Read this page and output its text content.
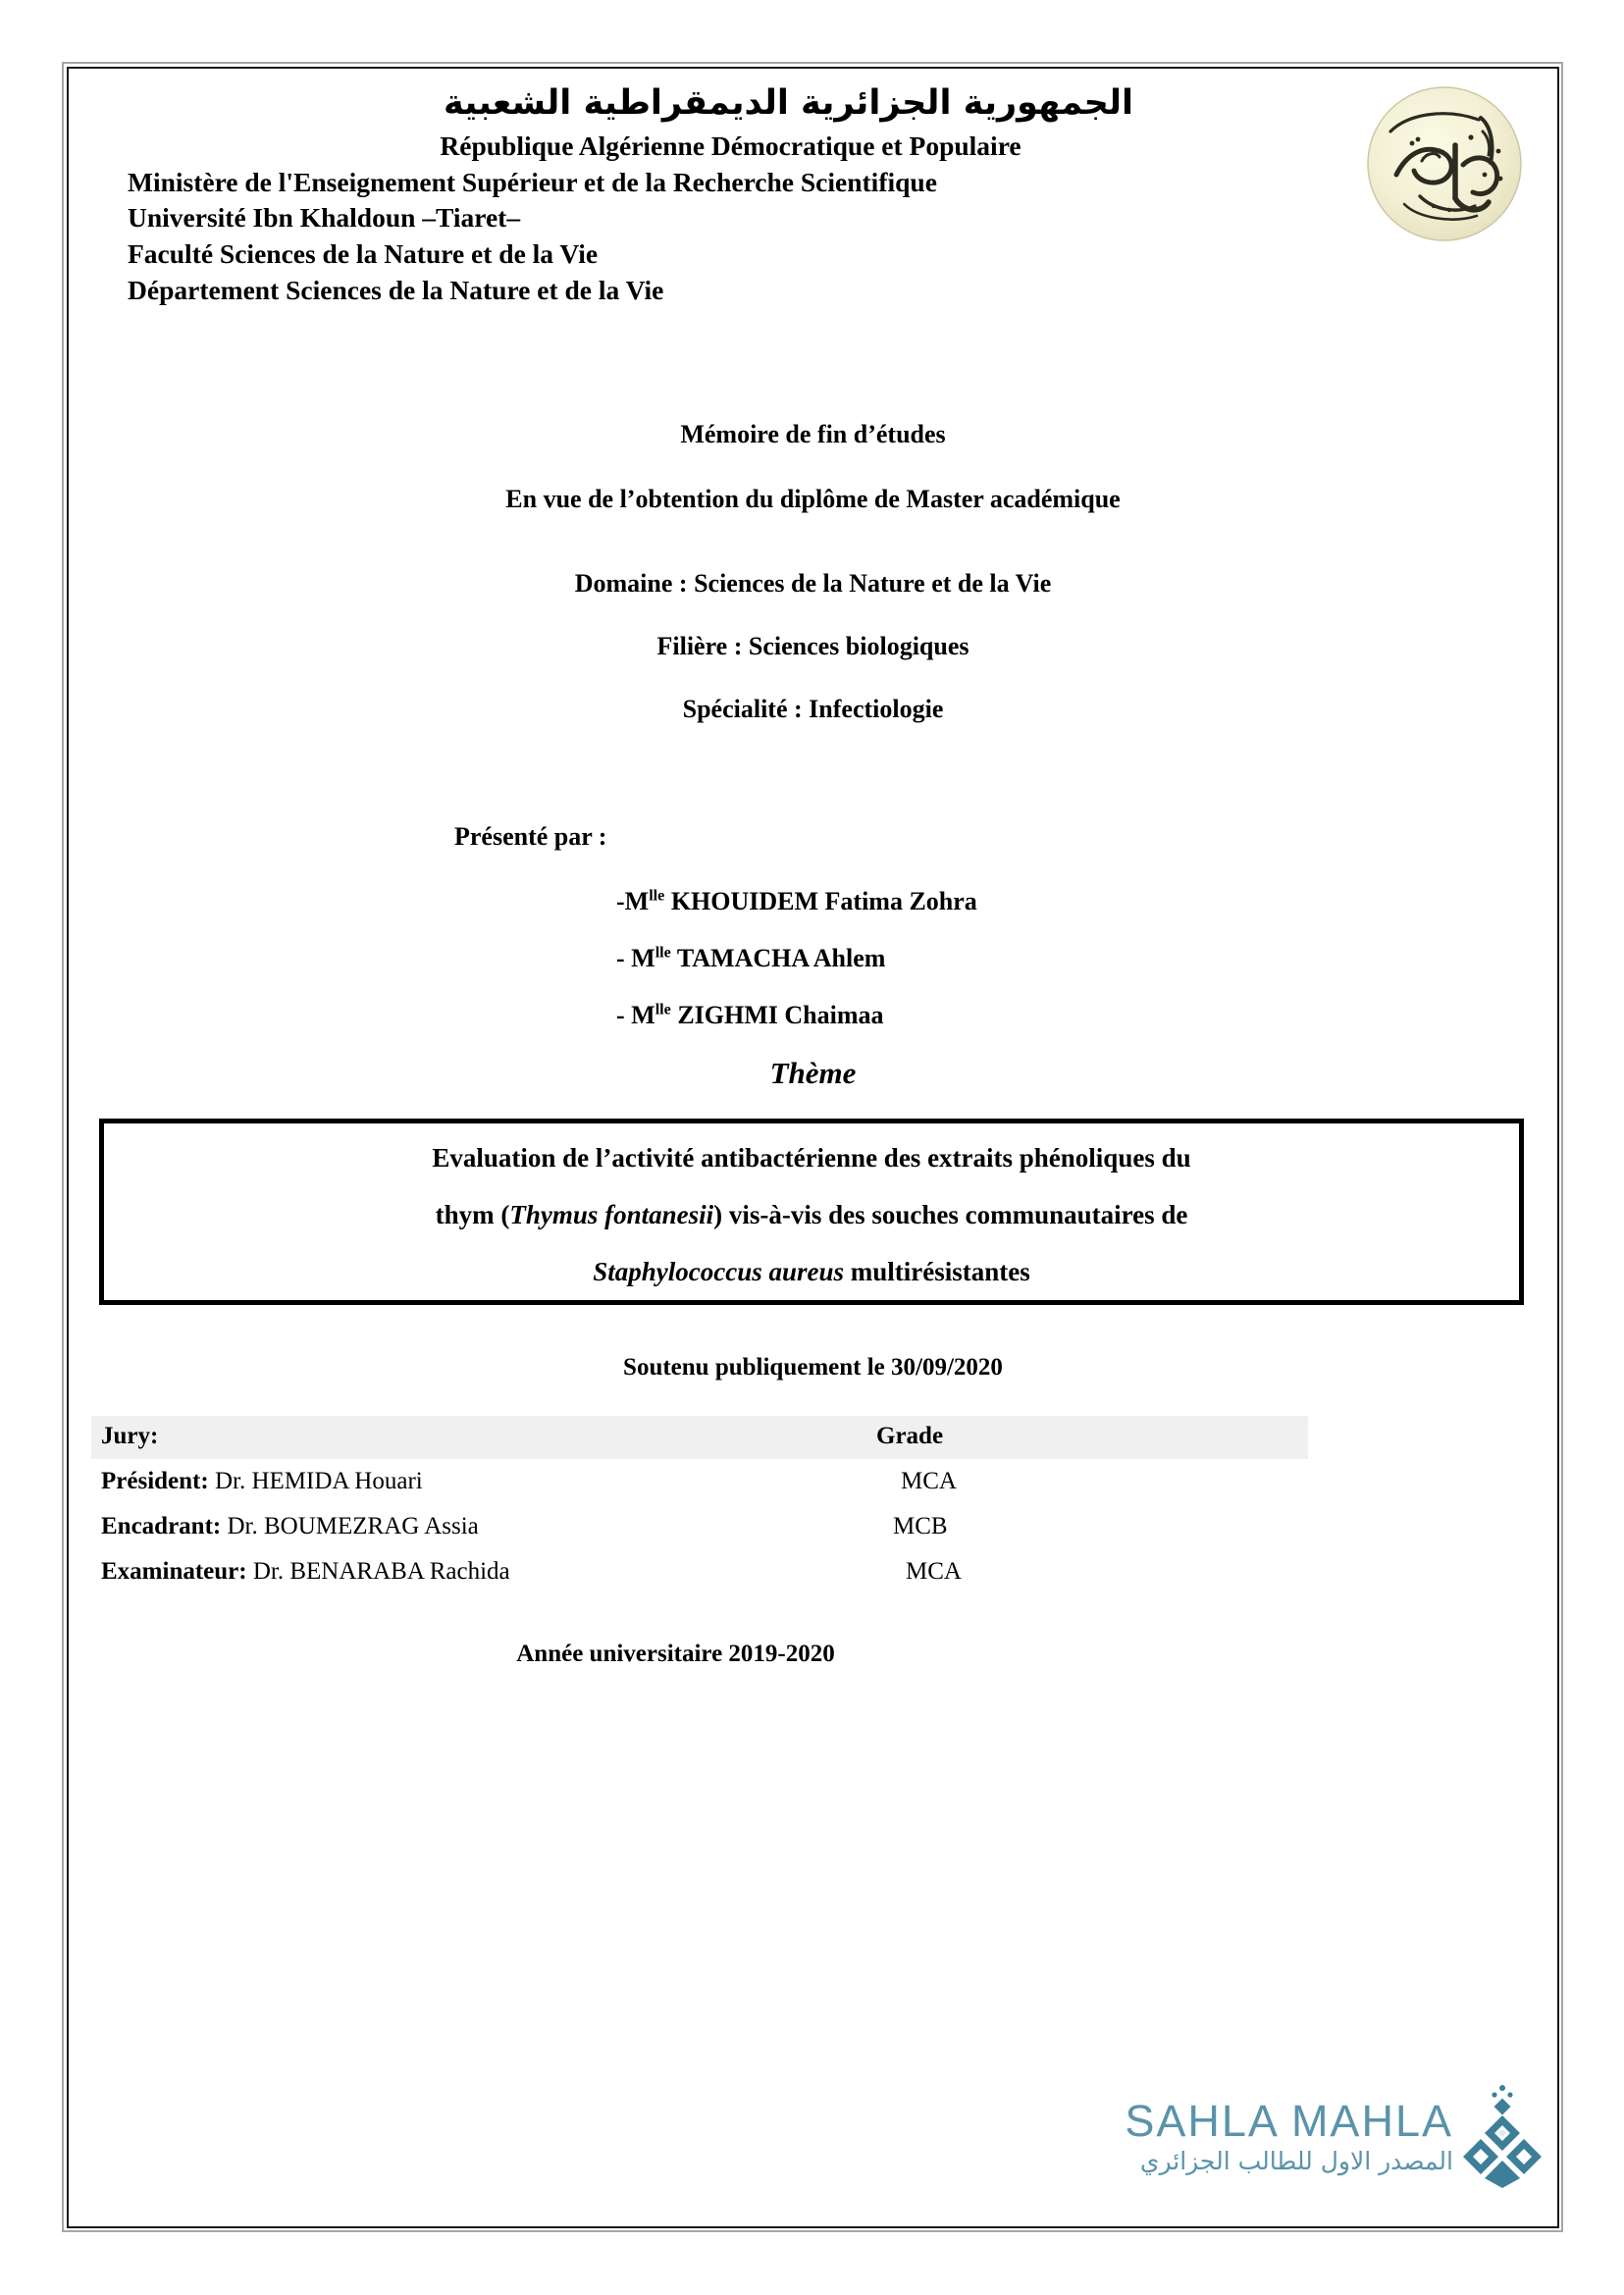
الجمهورية الجزائرية الديمقراطية الشعبية
République Algérienne Démocratique et Populaire
Ministère de l'Enseignement Supérieur et de la Recherche Scientifique
Université Ibn Khaldoun –Tiaret–
Faculté Sciences de la Nature et de la Vie
Département Sciences de la Nature et de la Vie
Mémoire de fin d’études
En vue de l’obtention du diplôme de Master académique
Domaine : Sciences de la Nature et de la Vie
Filière : Sciences biologiques
Spécialité : Infectiologie
Présenté par :
$-M^{lle}$ KHOUIDEM Fatima Zohra
- $M^{lle}$ TAMACHA Ahlem
- $M^{lle}$ ZIGHMI Chaimaa
Thème
Evaluation de l’activité antibactérienne des extraits phénoliques du
thym (Thymus fontanesii) vis-à-vis des souches communautaires de
Staphylococcus aureus multirésistantes
Soutenu publiquement le 30/09/2020
Jury:	Grade
Président: Dr. HEMIDA Houari	MCA
Encadrant: Dr. BOUMEZRAG Assia	MCB
Examinateur: Dr. BENARABA Rachida	MCA
Année universitaire 2019-2020
SAHLA MAHLA
المصدر الاول للطالب الجزائري
